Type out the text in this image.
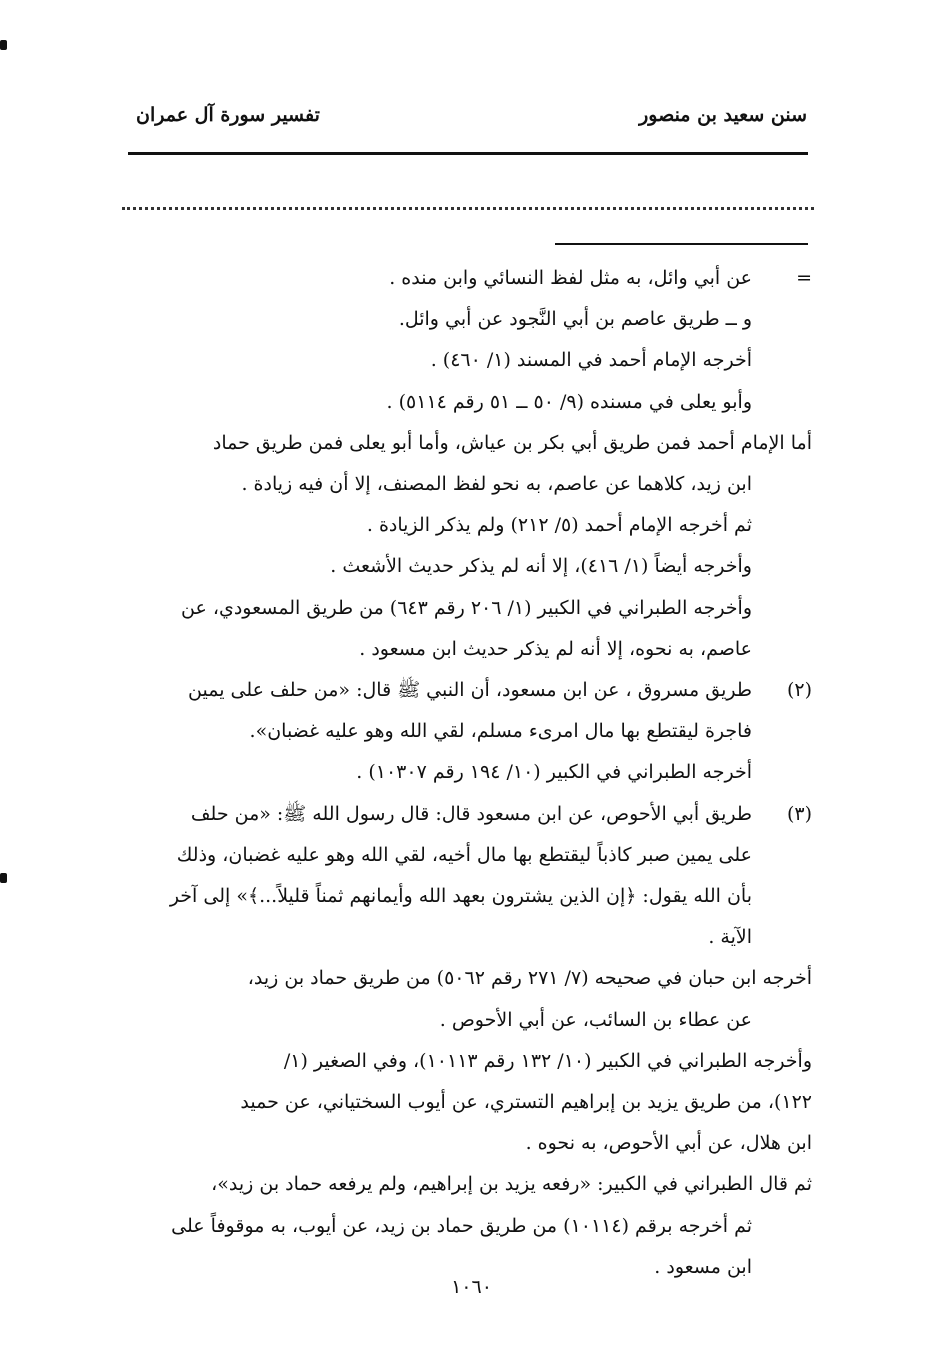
سنن سعيد بن منصور
تفسير سورة آل عمران
=

عن أبي وائل، به مثل لفظ النسائي وابن منده .

و ــ طريق عاصم بن أبي النَّجود عن أبي وائل.

أخرجه الإمام أحمد في المسند (١/ ٤٦٠) .

وأبو يعلى في مسنده (٩/ ٥٠ ــ ٥١ رقم ٥١١٤) .

أما الإمام أحمد فمن طريق أبي بكر بن عياش، وأما أبو يعلى فمن طريق حماد

ابن زيد، كلاهما عن عاصم، به نحو لفظ المصنف، إلا أن فيه زيادة .

ثم أخرجه الإمام أحمد (٥/ ٢١٢) ولم يذكر الزيادة .

وأخرجه أيضاً (١/ ٤١٦)، إلا أنه لم يذكر حديث الأشعث .

وأخرجه الطبراني في الكبير (١/ ٢٠٦ رقم ٦٤٣) من طريق المسعودي، عن

عاصم، به نحوه، إلا أنه لم يذكر حديث ابن مسعود .

(٢)

طريق مسروق ، عن ابن مسعود، أن النبي ﷺ قال: «من حلف على يمين

فاجرة ليقتطع بها مال امرىء مسلم، لقي الله وهو عليه غضبان».

أخرجه الطبراني في الكبير (١٠/ ١٩٤ رقم ١٠٣٠٧) .

(٣)

طريق أبي الأحوص، عن ابن مسعود قال: قال رسول الله ﷺ: «من حلف

على يمين صبر كاذباً ليقتطع بها مال أخيه، لقي الله وهو عليه غضبان، وذلك

بأن الله يقول: ﴿إن الذين يشترون بعهد الله وأيمانهم ثمناً قليلاً...﴾» إلى آخر

الآية .

أخرجه ابن حبان في صحيحه (٧/ ٢٧١ رقم ٥٠٦٢) من طريق حماد بن زيد،

عن عطاء بن السائب، عن أبي الأحوص .

وأخرجه الطبراني في الكبير (١٠/ ١٣٢ رقم ١٠١١٣)، وفي الصغير (١/

١٢٢)، من طريق يزيد بن إبراهيم التستري، عن أيوب السختياني، عن حميد

ابن هلال، عن أبي الأحوص، به نحوه .

ثم قال الطبراني في الكبير: «رفعه يزيد بن إبراهيم، ولم يرفعه حماد بن زيد»،

ثم أخرجه برقم (١٠١١٤) من طريق حماد بن زيد، عن أيوب، به موقوفاً على

ابن مسعود .

١٠٦٠
